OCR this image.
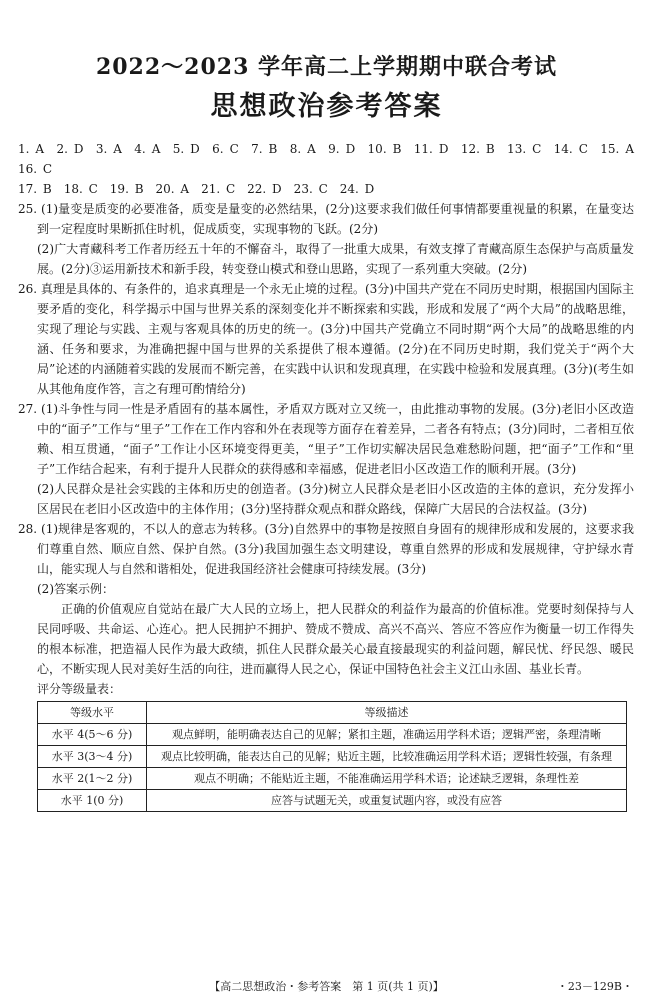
2022～2023 学年高二上学期期中联合考试
思想政治参考答案

1. A　2. D　3. A　4. A　5. D　6. C　7. B　8. A　9. D　10. B　11. D　12. B　13. C　14. C　15. A　16. C

17. B　18. C　19. B　20. A　21. C　22. D　23. C　24. D

25. (1)量变是质变的必要准备，质变是量变的必然结果，(2分)这要求我们做任何事情都要重视量的积累，在量变达到一定程度时果断抓住时机，促成质变，实现事物的飞跃。(2分)

(2)广大青藏科考工作者历经五十年的不懈奋斗，取得了一批重大成果，有效支撑了青藏高原生态保护与高质量发展。(2分)③运用新技术和新手段，转变登山模式和登山思路，实现了一系列重大突破。(2分)

26. 真理是具体的、有条件的，追求真理是一个永无止境的过程。(3分)中国共产党在不同历史时期，根据国内国际主要矛盾的变化，科学揭示中国与世界关系的深刻变化并不断探索和实践，形成和发展了“两个大局”的战略思维，实现了理论与实践、主观与客观具体的历史的统一。(3分)中国共产党确立不同时期“两个大局”的战略思维的内涵、任务和要求，为准确把握中国与世界的关系提供了根本遵循。(2分)在不同历史时期，我们党关于“两个大局”论述的内涵随着实践的发展而不断完善，在实践中认识和发现真理，在实践中检验和发展真理。(3分)(考生如从其他角度作答，言之有理可酌情给分)

27. (1)斗争性与同一性是矛盾固有的基本属性，矛盾双方既对立又统一，由此推动事物的发展。(3分)老旧小区改造中的“面子”工作与“里子”工作在工作内容和外在表现等方面存在着差异，二者各有特点；(3分)同时，二者相互依赖、相互贯通，“面子”工作让小区环境变得更美，“里子”工作切实解决居民急难愁盼问题，把“面子”工作和“里子”工作结合起来，有利于提升人民群众的获得感和幸福感，促进老旧小区改造工作的顺利开展。(3分)

(2)人民群众是社会实践的主体和历史的创造者。(3分)树立人民群众是老旧小区改造的主体的意识，充分发挥小区居民在老旧小区改造中的主体作用；(3分)坚持群众观点和群众路线，保障广大居民的合法权益。(3分)

28. (1)规律是客观的，不以人的意志为转移。(3分)自然界中的事物是按照自身固有的规律形成和发展的，这要求我们尊重自然、顺应自然、保护自然。(3分)我国加强生态文明建设，尊重自然界的形成和发展规律，守护绿水青山，能实现人与自然和谐相处，促进我国经济社会健康可持续发展。(3分)

(2)答案示例：

正确的价值观应自觉站在最广大人民的立场上，把人民群众的利益作为最高的价值标准。党要时刻保持与人民同呼吸、共命运、心连心。把人民拥护不拥护、赞成不赞成、高兴不高兴、答应不答应作为衡量一切工作得失的根本标准，把造福人民作为最大政绩，抓住人民群众最关心最直接最现实的利益问题，解民忧、纾民怨、暖民心，不断实现人民对美好生活的向往，进而赢得人民之心，保证中国特色社会主义江山永固、基业长青。

评分等级量表：

等级水平	等级描述
水平 4(5～6 分)	观点鲜明，能明确表达自己的见解；紧扣主题，准确运用学科术语；逻辑严密，条理清晰
水平 3(3～4 分)	观点比较明确，能表达自己的见解；贴近主题，比较准确运用学科术语；逻辑性较强，有条理
水平 2(1～2 分)	观点不明确；不能贴近主题，不能准确运用学科术语；论述缺乏逻辑，条理性差
水平 1(0 分)	应答与试题无关，或重复试题内容，或没有应答
【高二思想政治・参考答案　第 1 页(共 1 页)】	・23－129B・
